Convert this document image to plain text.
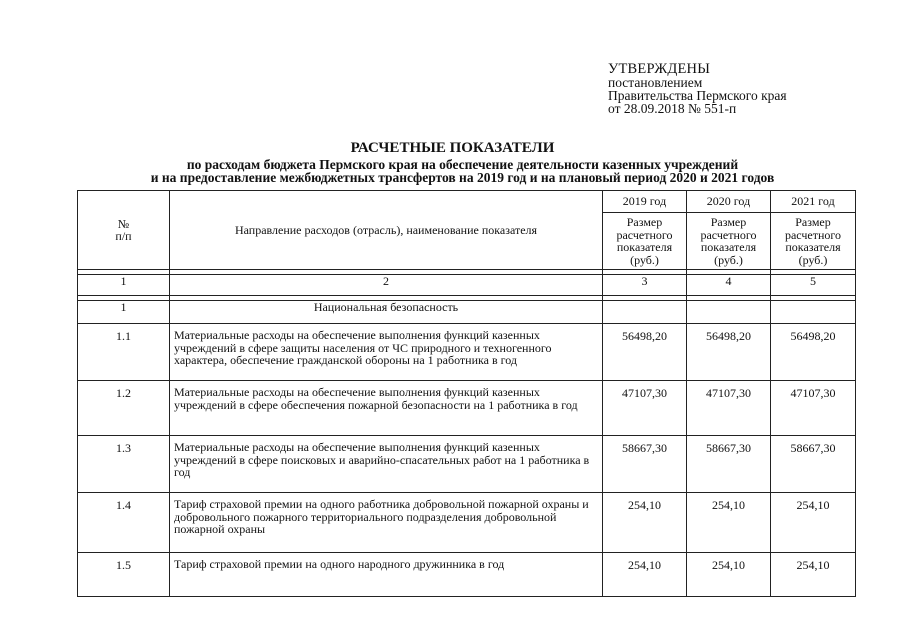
УТВЕРЖДЕНЫ
постановлением
Правительства Пермского края
от 28.09.2018 № 551-п
РАСЧЕТНЫЕ ПОКАЗАТЕЛИ
по расходам бюджета Пермского края на обеспечение деятельности казенных учреждений
и на предоставление межбюджетных трансфертов на 2019 год и на плановый период 2020 и 2021 годов
№
п/п	Направление расходов (отрасль), наименование показателя	2019 год	2020 год	2021 год
		Размер расчетного показателя (руб.)	Размер расчетного показателя (руб.)	Размер расчетного показателя (руб.)

1	2	3	4	5

1	Национальная безопасность			
1.1	Материальные расходы на обеспечение выполнения функций казенных учреждений в сфере защиты населения от ЧС природного и техногенного характера, обеспечение гражданской обороны на 1 работника в год	56498,20	56498,20	56498,20
1.2	Материальные расходы на обеспечение выполнения функций казенных учреждений в сфере обеспечения пожарной безопасности на 1 работника в год	47107,30	47107,30	47107,30
1.3	Материальные расходы на обеспечение выполнения функций казенных учреждений в сфере поисковых и аварийно-спасательных работ на 1 работника в год	58667,30	58667,30	58667,30
1.4	Тариф страховой премии на одного работника добровольной пожарной охраны и добровольного пожарного территориального подразделения добровольной пожарной охраны	254,10	254,10	254,10
1.5	Тариф страховой премии на одного народного дружинника в год	254,10	254,10	254,10
